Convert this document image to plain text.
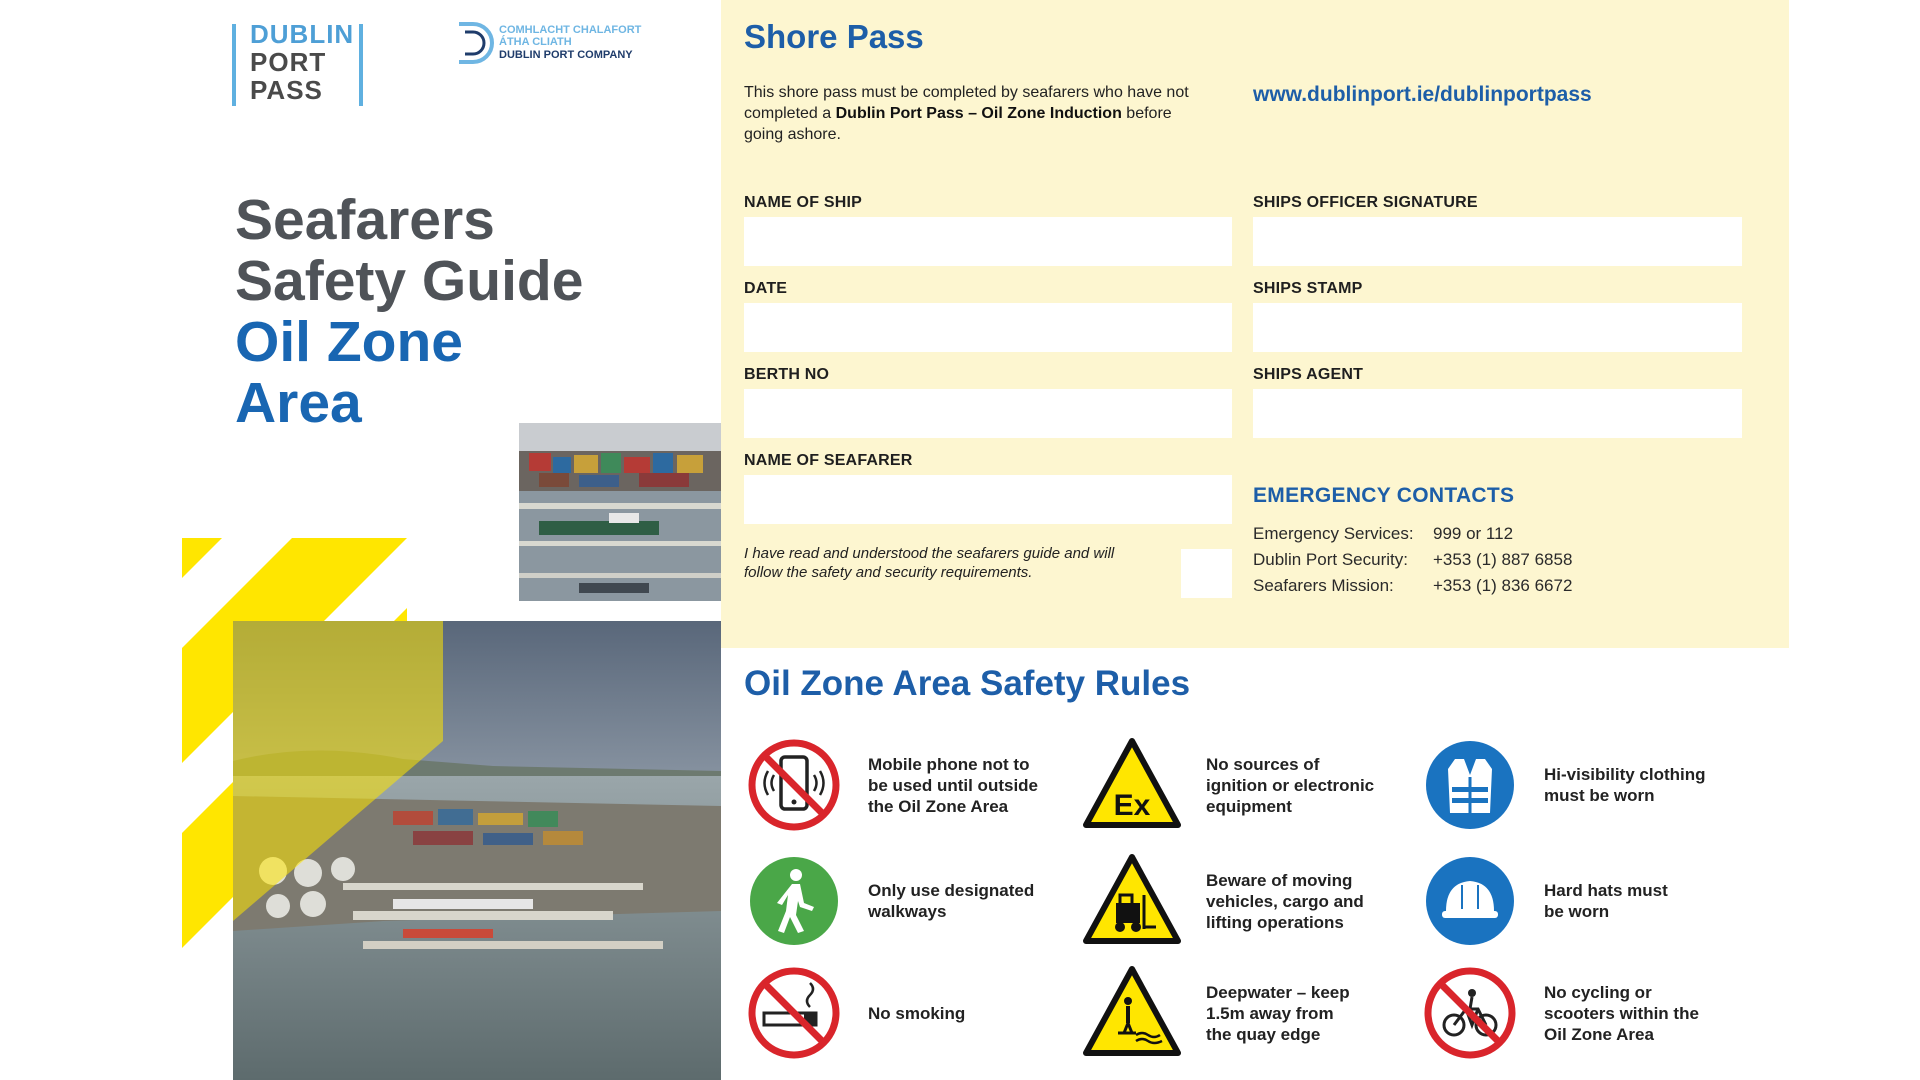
DUBLIN
PORT
PASS
COMHLACHT CHALAFORT
ÁTHA CLIATH
DUBLIN PORT COMPANY
Seafarers
Safety Guide
Oil Zone
Area
Shore Pass
This shore pass must be completed by seafarers who have not completed a Dublin Port Pass – Oil Zone Induction before going ashore.
www.dublinport.ie/dublinportpass
NAME OF SHIP
DATE
BERTH NO
NAME OF SEAFARER
I have read and understood the seafarers guide and will follow the safety and security requirements.
SHIPS OFFICER SIGNATURE
SHIPS STAMP
SHIPS AGENT
EMERGENCY CONTACTS
Emergency Services: 999 or 112
Dublin Port Security: +353 (1) 887 6858
Seafarers Mission: +353 (1) 836 6672
Oil Zone Area Safety Rules
Mobile phone not to
be used until outside
the Oil Zone Area	Ex
No sources of
ignition or electronic
equipment
Hi-visibility clothing
must be worn
Only use designated
walkways
Beware of moving
vehicles, cargo and
lifting operations
Hard hats must
be worn
No smoking
Deepwater – keep
1.5m away from
the quay edge
No cycling or
scooters within the
Oil Zone Area
